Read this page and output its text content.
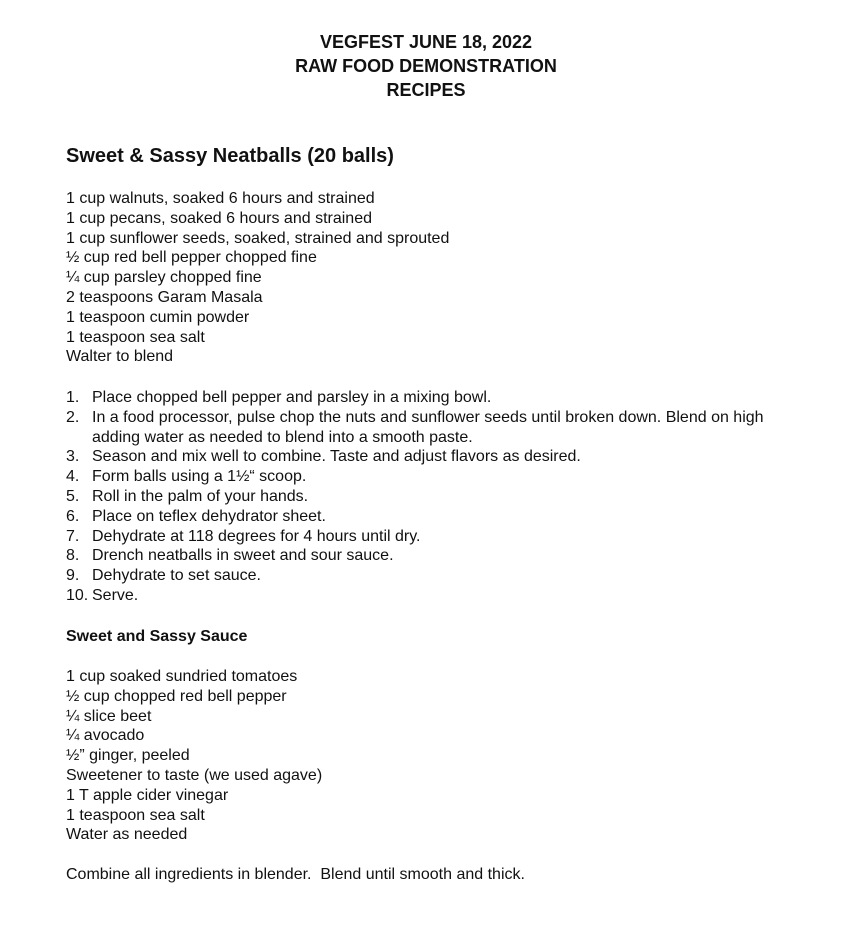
VEGFEST JUNE 18, 2022
RAW FOOD DEMONSTRATION
RECIPES
Sweet & Sassy Neatballs (20 balls)
1 cup walnuts, soaked 6 hours and strained
1 cup pecans, soaked 6 hours and strained
1 cup sunflower seeds, soaked, strained and sprouted
½ cup red bell pepper chopped fine
¼ cup parsley chopped fine
2 teaspoons Garam Masala
1 teaspoon cumin powder
1 teaspoon sea salt
Walter to blend
1. Place chopped bell pepper and parsley in a mixing bowl.
2. In a food processor, pulse chop the nuts and sunflower seeds until broken down. Blend on high adding water as needed to blend into a smooth paste.
3. Season and mix well to combine. Taste and adjust flavors as desired.
4. Form balls using a 1½“ scoop.
5. Roll in the palm of your hands.
6. Place on teflex dehydrator sheet.
7. Dehydrate at 118 degrees for 4 hours until dry.
8. Drench neatballs in sweet and sour sauce.
9. Dehydrate to set sauce.
10. Serve.
Sweet and Sassy Sauce
1 cup soaked sundried tomatoes
½ cup chopped red bell pepper
¼ slice beet
¼ avocado
½” ginger, peeled
Sweetener to taste (we used agave)
1 T apple cider vinegar
1 teaspoon sea salt
Water as needed
Combine all ingredients in blender.  Blend until smooth and thick.
